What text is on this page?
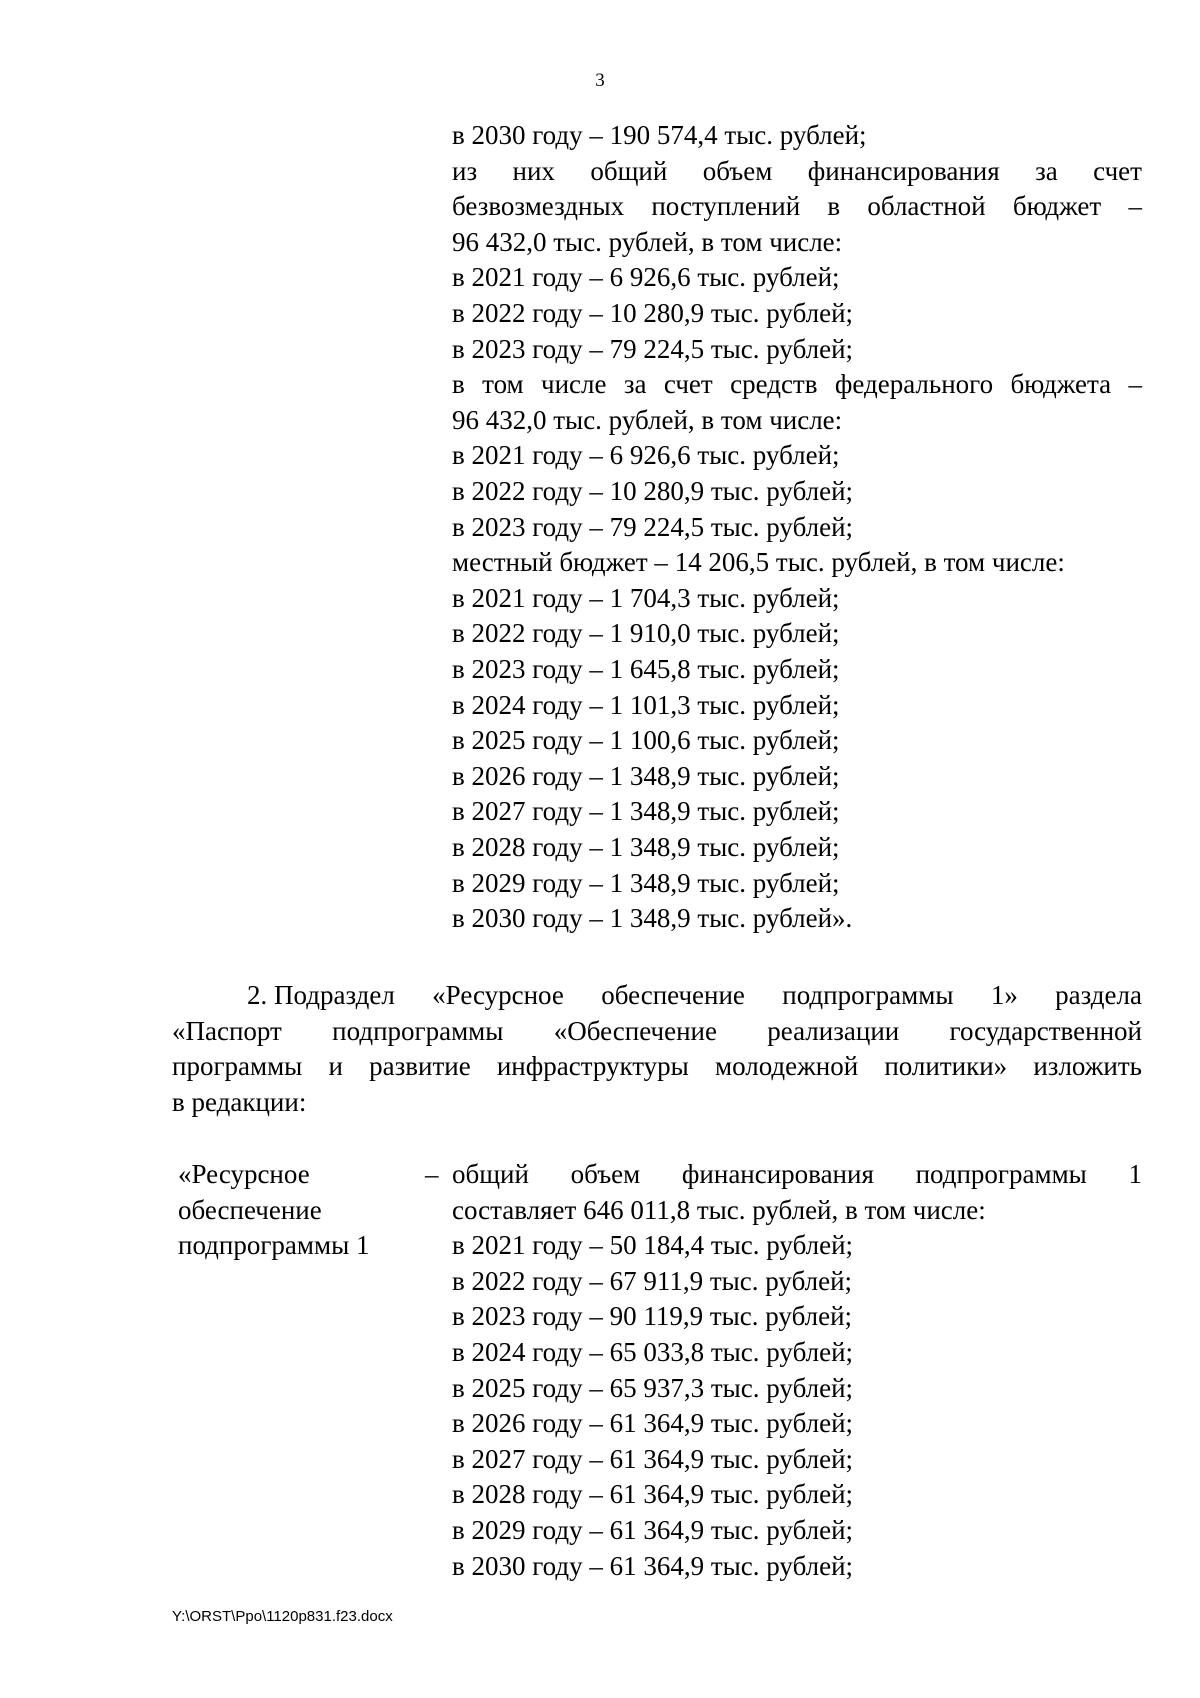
3
в 2030 году – 190 574,4 тыс. рублей;
из них общий объем финансирования за счет
безвозмездных поступлений в областной бюджет –
96 432,0 тыс. рублей, в том числе:
в 2021 году – 6 926,6 тыс. рублей;
в 2022 году – 10 280,9 тыс. рублей;
в 2023 году – 79 224,5 тыс. рублей;
в том числе за счет средств федерального бюджета –
96 432,0 тыс. рублей, в том числе:
в 2021 году – 6 926,6 тыс. рублей;
в 2022 году – 10 280,9 тыс. рублей;
в 2023 году – 79 224,5 тыс. рублей;
местный бюджет – 14 206,5 тыс. рублей, в том числе:
в 2021 году – 1 704,3 тыс. рублей;
в 2022 году – 1 910,0 тыс. рублей;
в 2023 году – 1 645,8 тыс. рублей;
в 2024 году – 1 101,3 тыс. рублей;
в 2025 году – 1 100,6 тыс. рублей;
в 2026 году – 1 348,9 тыс. рублей;
в 2027 году – 1 348,9 тыс. рублей;
в 2028 году – 1 348,9 тыс. рублей;
в 2029 году – 1 348,9 тыс. рублей;
в 2030 году – 1 348,9 тыс. рублей».
2. Подраздел «Ресурсное обеспечение подпрограммы 1» раздела
«Паспорт подпрограммы «Обеспечение реализации государственной
программы и развитие инфраструктуры молодежной политики» изложить
в редакции:
«Ресурсное
обеспечение
подпрограммы 1
– общий объем финансирования подпрограммы 1
составляет 646 011,8 тыс. рублей, в том числе:
в 2021 году – 50 184,4 тыс. рублей;
в 2022 году – 67 911,9 тыс. рублей;
в 2023 году – 90 119,9 тыс. рублей;
в 2024 году – 65 033,8 тыс. рублей;
в 2025 году – 65 937,3 тыс. рублей;
в 2026 году – 61 364,9 тыс. рублей;
в 2027 году – 61 364,9 тыс. рублей;
в 2028 году – 61 364,9 тыс. рублей;
в 2029 году – 61 364,9 тыс. рублей;
в 2030 году – 61 364,9 тыс. рублей;
Y:\ORST\Ppo\1120p831.f23.docx
